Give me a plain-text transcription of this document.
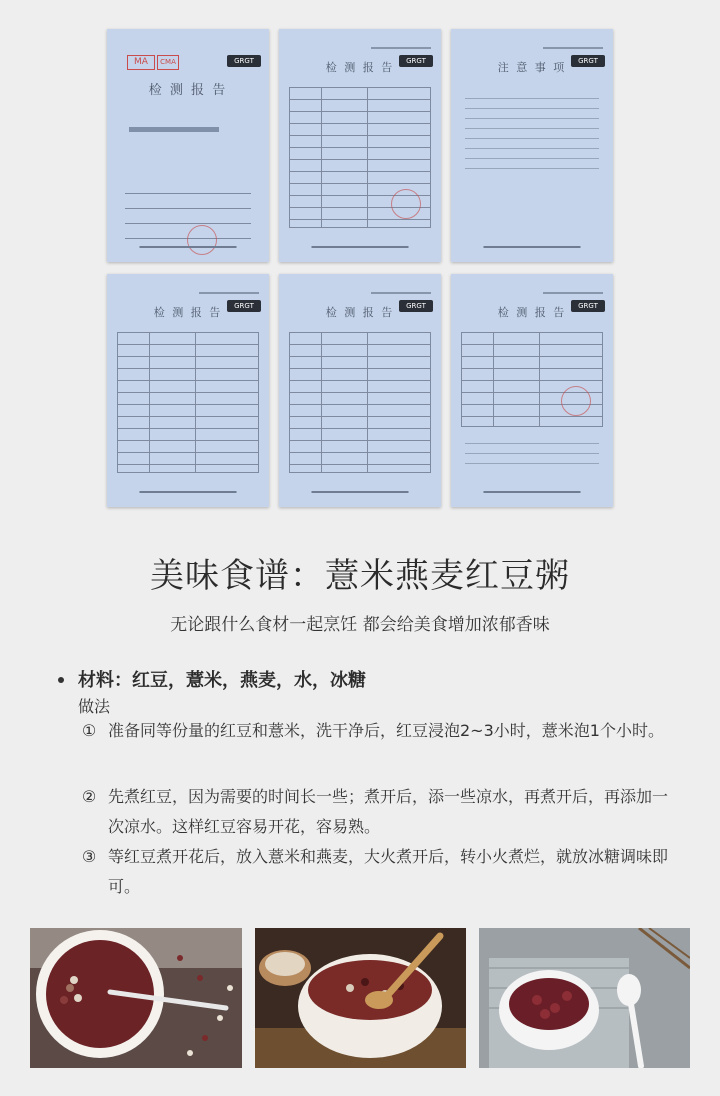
MA	CMA	GRGT
检 测 报 告
GRGT
检 测 报 告	GRGT
注 意 事 项
GRGT
检 测 报 告	GRGT
检 测 报 告	GRGT
检 测 报 告
美味食谱：薏米燕麦红豆粥
无论跟什么食材一起烹饪 都会给美食增加浓郁香味
材料：红豆，薏米，燕麦，水，冰糖
做法
① 准备同等份量的红豆和薏米，洗干净后，红豆浸泡2~3小时，薏米泡1个小时。
② 先煮红豆，因为需要的时间长一些；煮开后，添一些凉水，再煮开后，再添加一次凉水。这样红豆容易开花，容易熟。
③ 等红豆煮开花后，放入薏米和燕麦，大火煮开后，转小火煮烂，就放冰糖调味即可。
